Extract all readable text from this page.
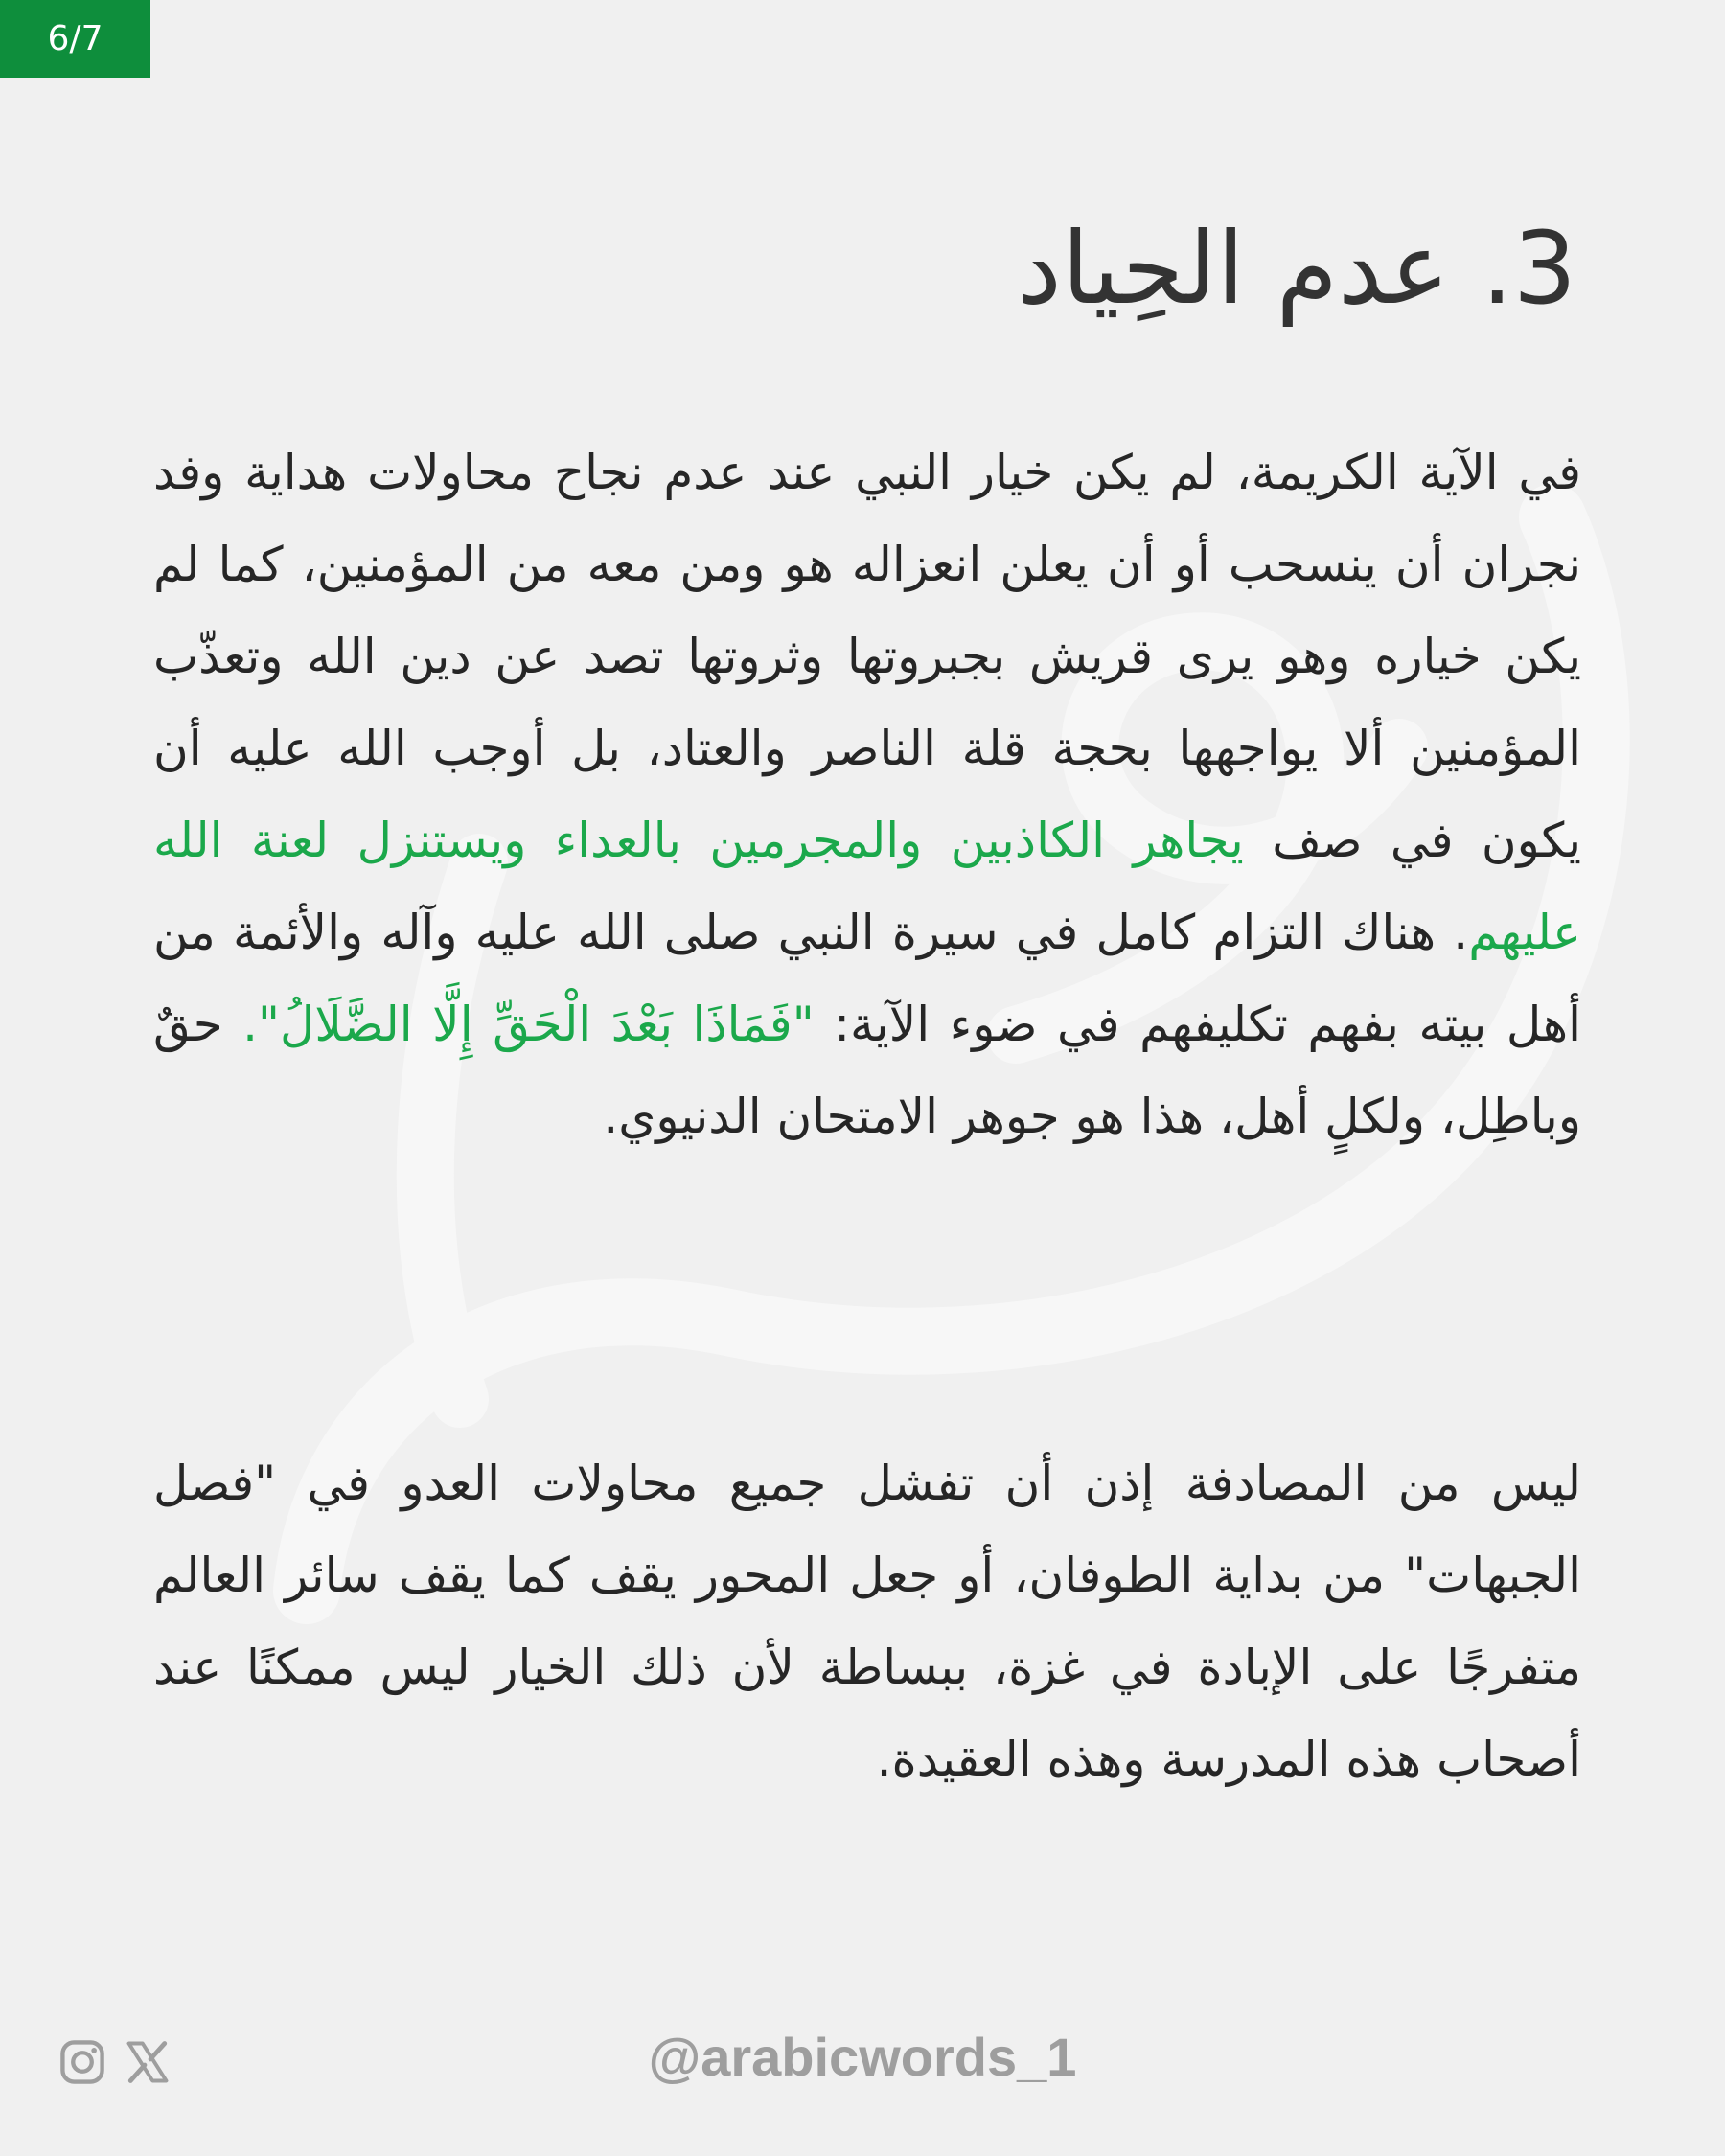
6/7
3. عدم الحِياد

في الآية الكريمة، لم يكن خيار النبي عند عدم نجاح محاولات هداية وفد نجران أن ينسحب أو أن يعلن انعزاله هو ومن معه من المؤمنين، كما لم يكن خياره وهو يرى قريش بجبروتها وثروتها تصد عن دين الله وتعذّب المؤمنين ألا يواجهها بحجة قلة الناصر والعتاد، بل أوجب الله عليه أن يكون في صف يجاهر الكاذبين والمجرمين بالعداء ويستنزل لعنة الله عليهم. هناك التزام كامل في سيرة النبي صلى الله عليه وآله والأئمة من أهل بيته بفهم تكليفهم في ضوء الآية: "فَمَاذَا بَعْدَ الْحَقِّ إِلَّا الضَّلَالُ". حقٌ وباطِل، ولكلٍ أهل، هذا هو جوهر الامتحان الدنيوي.

ليس من المصادفة إذن أن تفشل جميع محاولات العدو في "فصل الجبهات" من بداية الطوفان، أو جعل المحور يقف كما يقف سائر العالم متفرجًا على الإبادة في غزة، ببساطة لأن ذلك الخيار ليس ممكنًا عند أصحاب هذه المدرسة وهذه العقيدة.

@arabicwords_1
